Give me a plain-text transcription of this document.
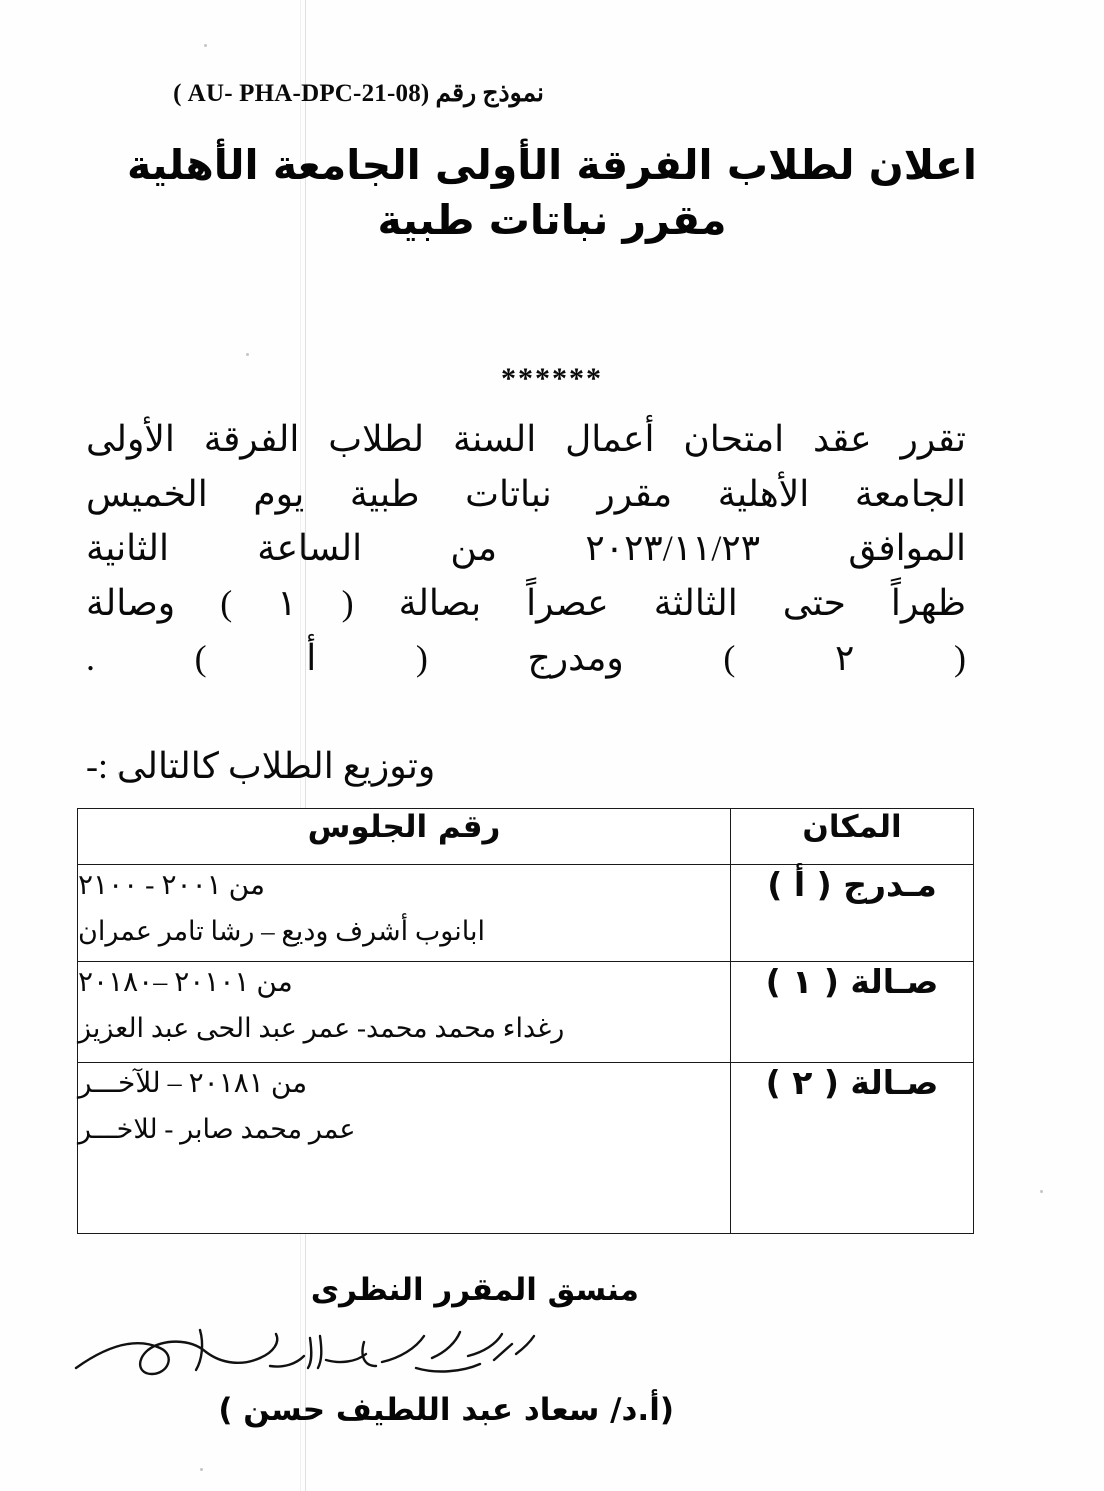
نموذج رقم ( AU- PHA-DPC-21-08)
اعلان لطلاب الفرقة الأولى الجامعة الأهلية
مقرر نباتات طبية
******
تقرر عقد امتحان أعمال السنة لطلاب الفرقة الأولى
الجامعة الأهلية مقرر نباتات طبية يوم الخميس
الموافق ٢٠٢٣/١١/٢٣ من الساعة الثانية
ظهراً حتى الثالثة عصراً بصالة ( ١ ) وصالة
( ٢ ) ومدرج ( أ ) .
وتوزيع الطلاب كالتالى :-
المكان	رقم الجلوس
مـدرج ( أ )	من ٢٠٠١ - ٢١٠٠
ابانوب أشرف وديع – رشا تامر عمران

صـالة ( ١ )	من ٢٠١٠١ –٢٠١٨٠
رغداء محمد محمد- عمر عبد الحى عبد العزيز

صـالة ( ٢ )	من ٢٠١٨١ – للآخـــر
عمر محمد صابر - للاخـــر
منسق المقرر النظرى
(أ.د/ سعاد عبد اللطيف حسن )
